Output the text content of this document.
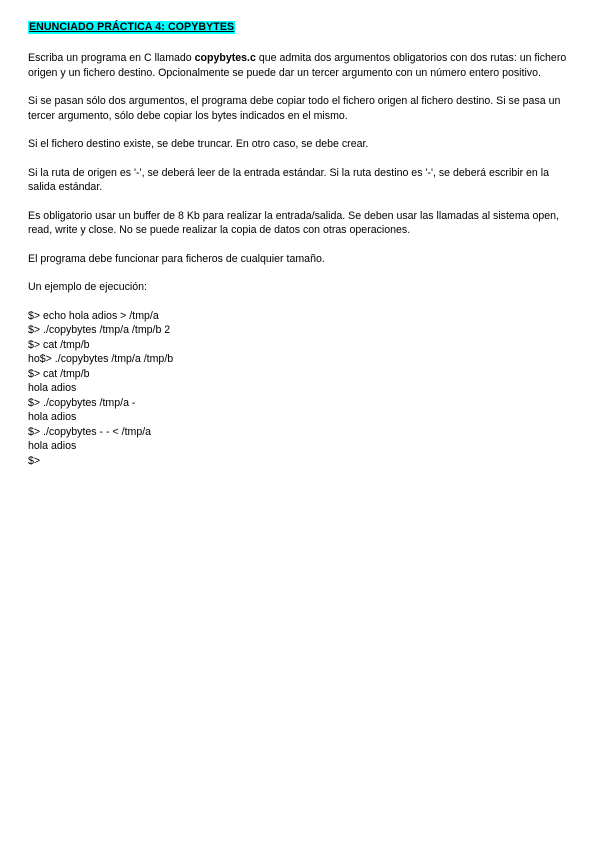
ENUNCIADO PRÁCTICA 4: COPYBYTES

Escriba un programa en C llamado copybytes.c que admita dos argumentos obligatorios con dos rutas: un fichero origen y un fichero destino. Opcionalmente se puede dar un tercer argumento con un número entero positivo.

Si se pasan sólo dos argumentos, el programa debe copiar todo el fichero origen al fichero destino. Si se pasa un tercer argumento, sólo debe copiar los bytes indicados en el mismo.

Si el fichero destino existe, se debe truncar. En otro caso, se debe crear.

Si la ruta de origen es '-', se deberá leer de la entrada estándar. Si la ruta destino es '-', se deberá escribir en la salida estándar.

Es obligatorio usar un buffer de 8 Kb para realizar la entrada/salida. Se deben usar las llamadas al sistema open, read, write y close. No se puede realizar la copia de datos con otras operaciones.

El programa debe funcionar para ficheros de cualquier tamaño.

Un ejemplo de ejecución:

$> echo hola adios > /tmp/a
$> ./copybytes /tmp/a /tmp/b 2
$> cat /tmp/b
ho$> ./copybytes /tmp/a /tmp/b
$> cat /tmp/b
hola adios
$> ./copybytes /tmp/a -
hola adios
$> ./copybytes - - < /tmp/a
hola adios
$>
